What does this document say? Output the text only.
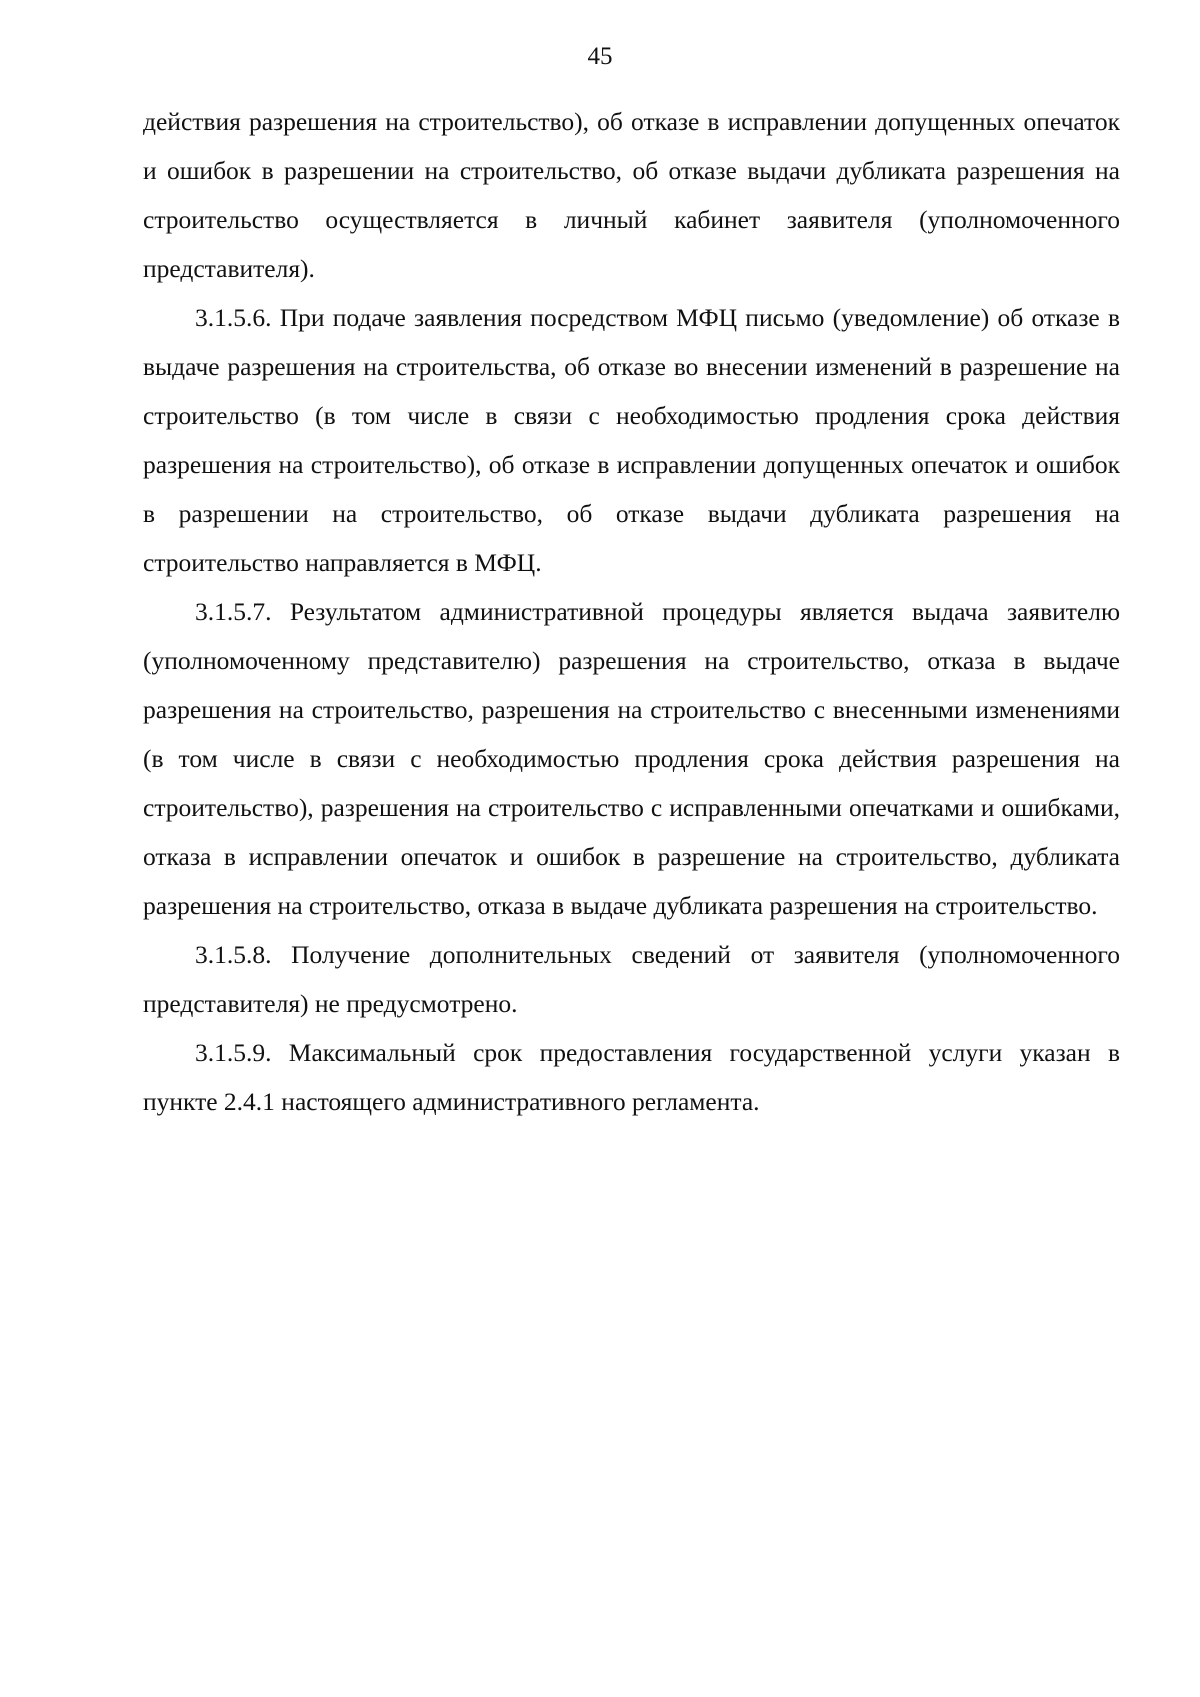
45

действия разрешения на строительство), об отказе в исправлении допущенных опечаток и ошибок в разрешении на строительство, об отказе выдачи дубликата разрешения на строительство осуществляется в личный кабинет заявителя (уполномоченного представителя).

3.1.5.6. При подаче заявления посредством МФЦ письмо (уведомление) об отказе в выдаче разрешения на строительства, об отказе во внесении изменений в разрешение на строительство (в том числе в связи с необходимостью продления срока действия разрешения на строительство), об отказе в исправлении допущенных опечаток и ошибок в разрешении на строительство, об отказе выдачи дубликата разрешения на строительство направляется в МФЦ.

3.1.5.7. Результатом административной процедуры является выдача заявителю (уполномоченному представителю) разрешения на строительство, отказа в выдаче разрешения на строительство, разрешения на строительство с внесенными изменениями (в том числе в связи с необходимостью продления срока действия разрешения на строительство), разрешения на строительство с исправленными опечатками и ошибками, отказа в исправлении опечаток и ошибок в разрешение на строительство, дубликата разрешения на строительство, отказа в выдаче дубликата разрешения на строительство.

3.1.5.8. Получение дополнительных сведений от заявителя (уполномоченного представителя) не предусмотрено.

3.1.5.9. Максимальный срок предоставления государственной услуги указан в пункте 2.4.1 настоящего административного регламента.
